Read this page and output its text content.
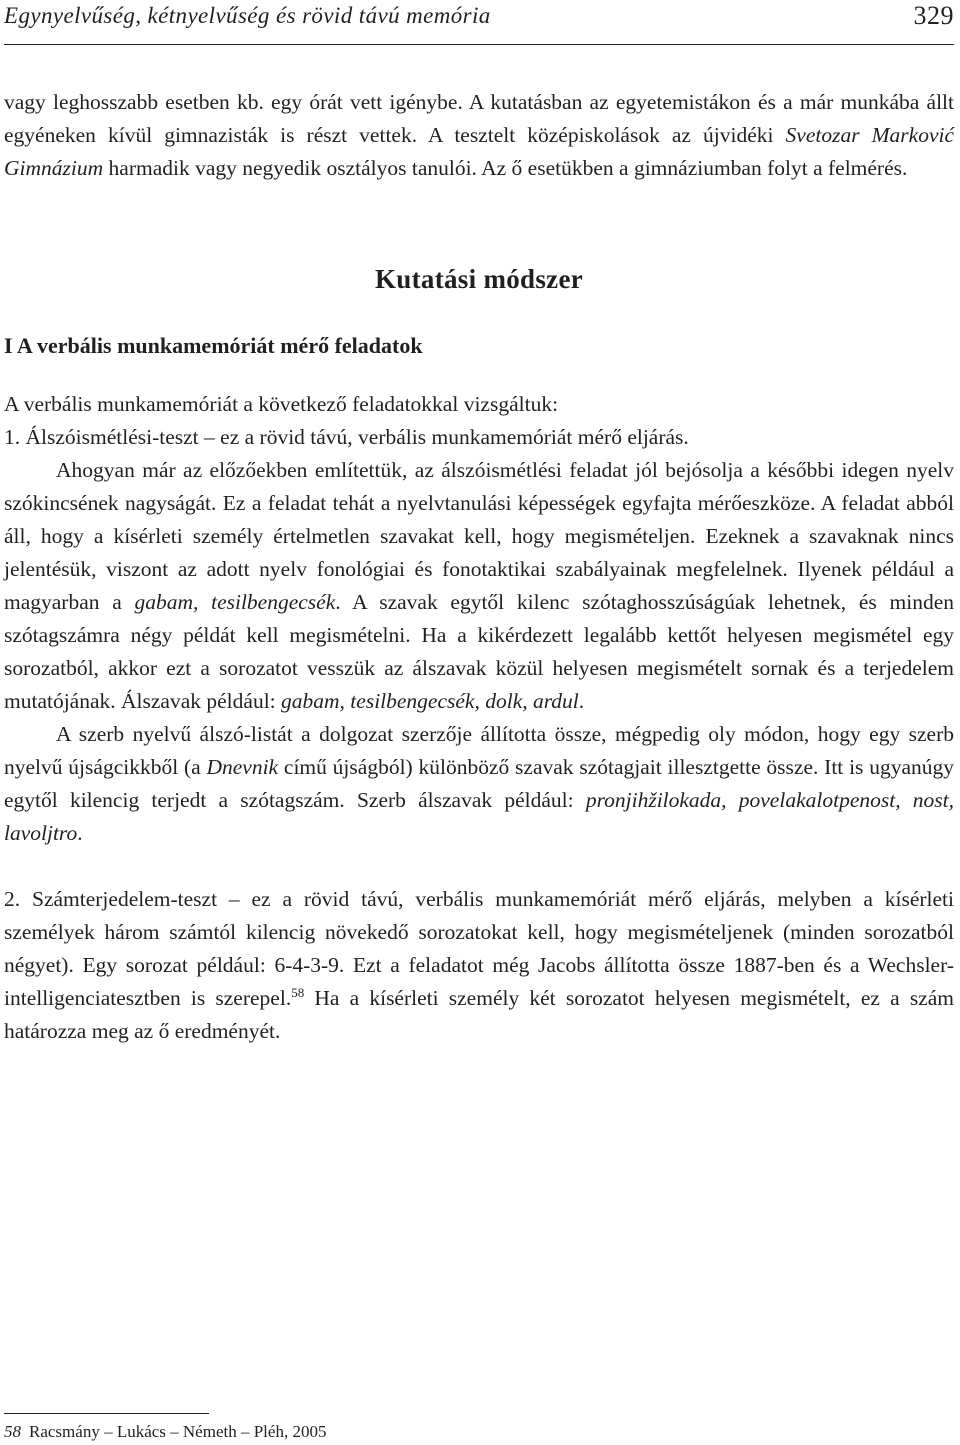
Egynyelvűség, kétnyelvűség és rövid távú memória	329

vagy leghosszabb esetben kb. egy órát vett igénybe. A kutatásban az egyetemistákon és a már munkába állt egyéneken kívül gimnazisták is részt vettek. A tesztelt középiskolások az újvidéki Svetozar Marković Gimnázium harmadik vagy negyedik osztályos tanulói. Az ő esetükben a gimnáziumban folyt a felmérés.

Kutatási módszer
I A verbális munkamemóriát mérő feladatok

A verbális munkamemóriát a következő feladatokkal vizsgáltuk:

1. Álszóismétlési-teszt – ez a rövid távú, verbális munkamemóriát mérő eljárás.

Ahogyan már az előzőekben említettük, az álszóismétlési feladat jól bejósolja a későbbi idegen nyelv szókincsének nagyságát. Ez a feladat tehát a nyelvtanulási képességek egyfajta mérőeszköze. A feladat abból áll, hogy a kísérleti személy értelmetlen szavakat kell, hogy megismételjen. Ezeknek a szavaknak nincs jelentésük, viszont az adott nyelv fonológiai és fonotaktikai szabályainak megfelelnek. Ilyenek például a magyarban a gabam, tesilbengecsék. A szavak egytől kilenc szótaghosszúságúak lehetnek, és minden szótagszámra négy példát kell megismételni. Ha a kikérdezett legalább kettőt helyesen megismétel egy sorozatból, akkor ezt a sorozatot vesszük az álszavak közül helyesen megismételt sornak és a terjedelem mutatójának. Álszavak például: gabam, tesilbengecsék, dolk, ardul.

A szerb nyelvű álszó-listát a dolgozat szerzője állította össze, mégpedig oly módon, hogy egy szerb nyelvű újságcikkből (a Dnevnik című újságból) különböző szavak szótagjait illesztgette össze. Itt is ugyanúgy egytől kilencig terjedt a szótagszám. Szerb álszavak például: pronjihžilokada, povelakalotpenost, nost, lavoljtro.

2. Számterjedelem-teszt – ez a rövid távú, verbális munkamemóriát mérő eljárás, melyben a kísérleti személyek három számtól kilencig növekedő sorozatokat kell, hogy megismételjenek (minden sorozatból négyet). Egy sorozat például: 6-4-3-9. Ezt a feladatot még Jacobs állította össze 1887-ben és a Wechsler-intelligenciatesztben is szerepel.$^{58}$ Ha a kísérleti személy két sorozatot helyesen megismételt, ez a szám határozza meg az ő eredményét.

58 Racsmány – Lukács – Németh – Pléh, 2005
